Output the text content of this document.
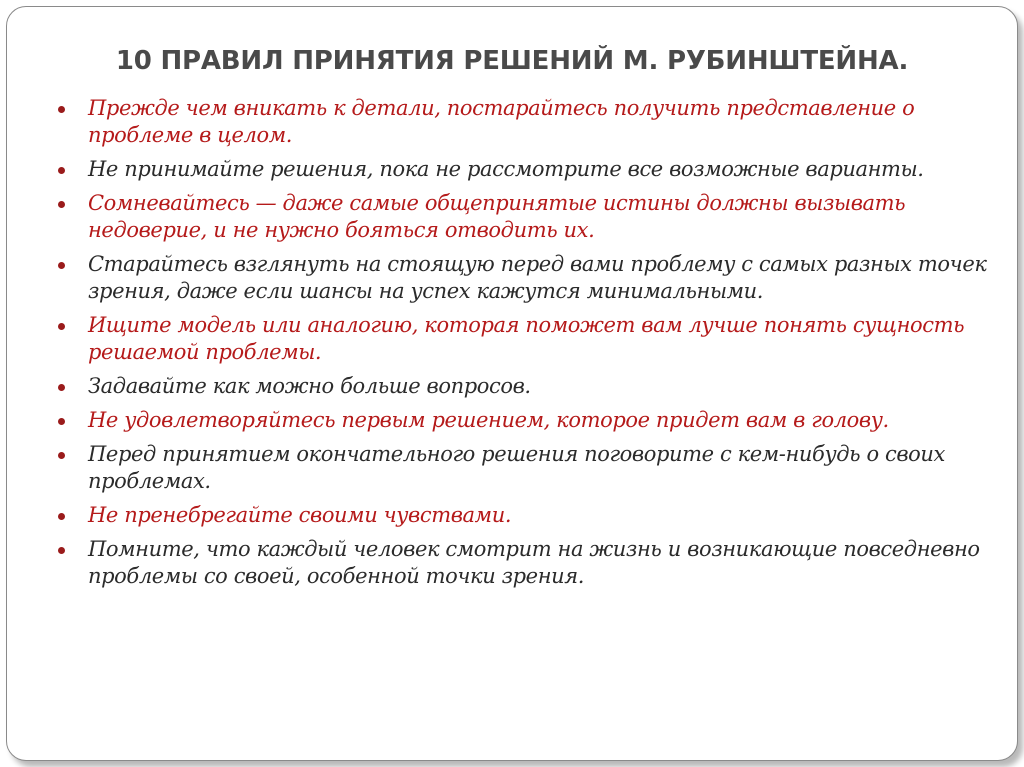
10 ПРАВИЛ ПРИНЯТИЯ РЕШЕНИЙ М. РУБИНШТЕЙНА.
Прежде чем вникать к детали, постарайтесь получить представление о проблеме в целом.
Не принимайте решения, пока не рассмотрите все возможные варианты.
Сомневайтесь — даже самые общепринятые истины должны вызывать недоверие, и не нужно бояться отводить их.
Старайтесь взглянуть на стоящую перед вами проблему с самых разных точек зрения, даже если шансы на успех кажутся минимальными.
Ищите модель или аналогию, которая поможет вам лучше понять сущность решаемой проблемы.
Задавайте как можно больше вопросов.
Не удовлетворяйтесь первым решением, которое придет вам в голову.
Перед принятием окончательного решения поговорите с кем-нибудь о своих проблемах.
Не пренебрегайте своими чувствами.
Помните, что каждый человек смотрит на жизнь и возникающие повседневно проблемы со своей, особенной точки зрения.
